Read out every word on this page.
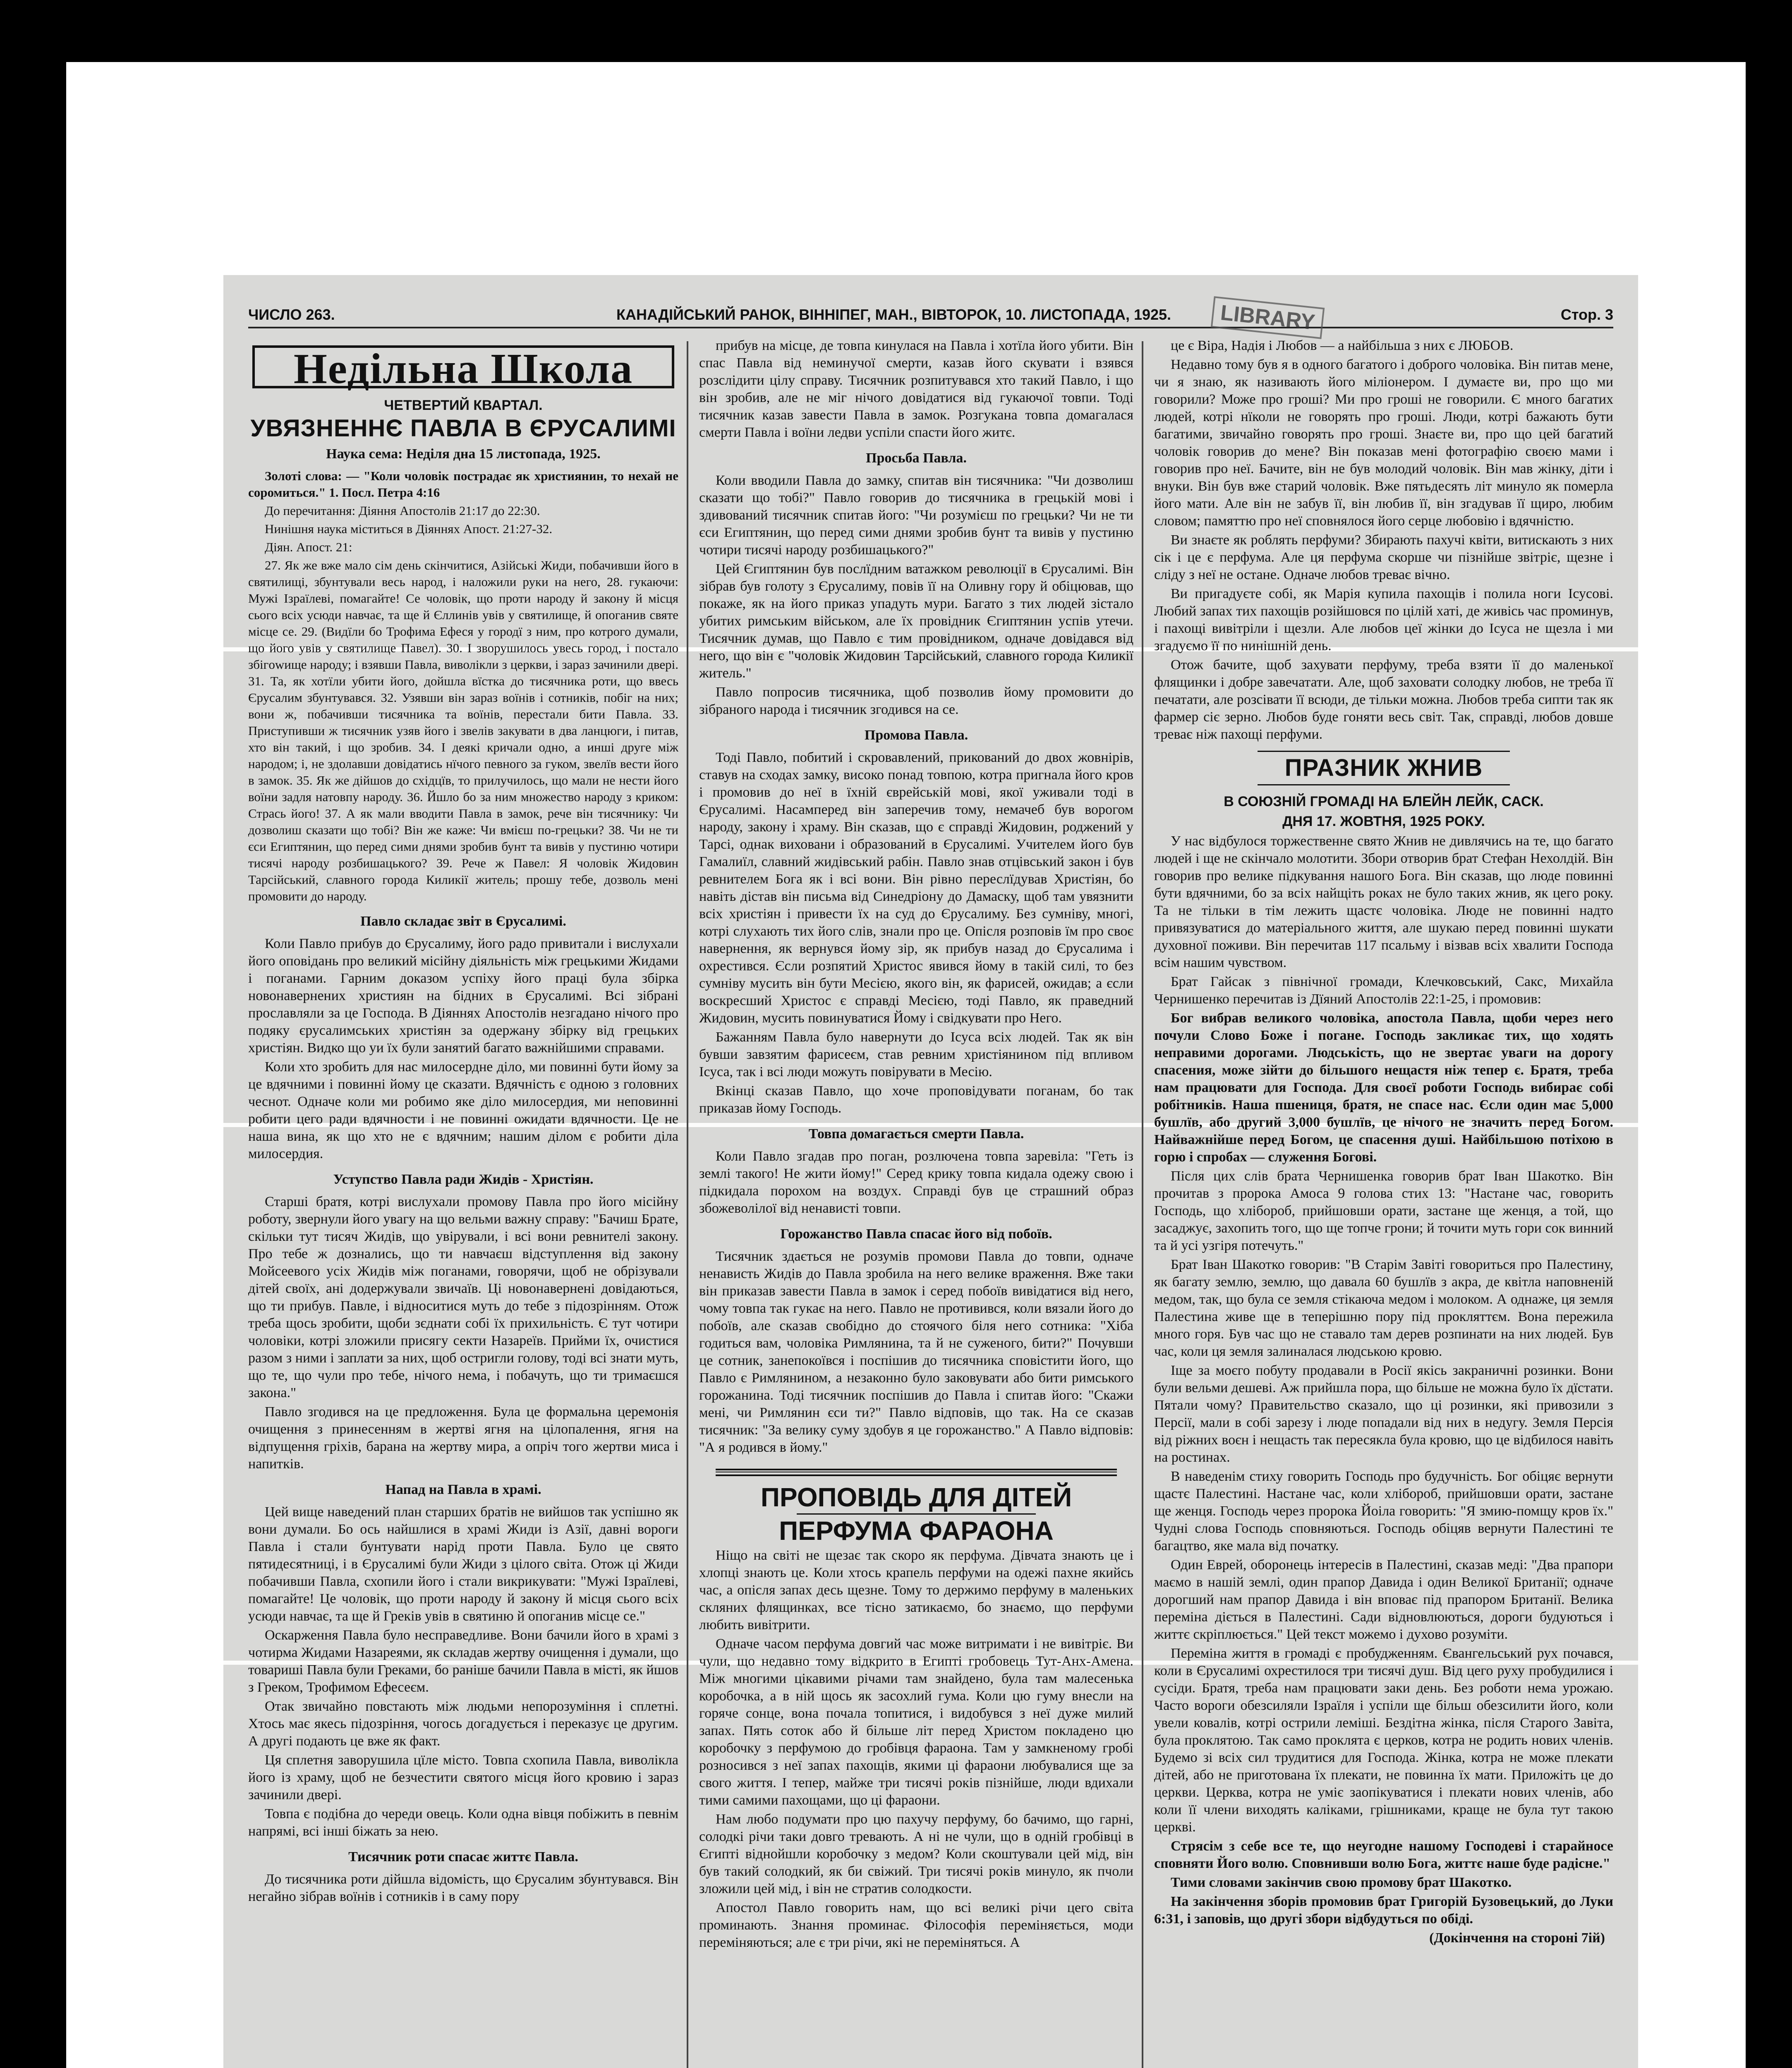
ЧИСЛО 263.	КАНАДІЙСЬКИЙ РАНОК, ВІННІПЕГ, МАН., ВІВТОРОК, 10. ЛИСТОПАДА, 1925.	Стор. 3
LIBRARY
Недільна Школа
ЧЕТВЕРТИЙ КВАРТАЛ.
УВЯЗНЕННЄ ПАВЛА В ЄРУСАЛИМІ
Наука сема: Неділя дна 15 листопада, 1925.

Золоті слова: — "Коли чоловік пострадає як християнин, то нехай не соромиться." 1. Посл. Петра 4:16

До перечитання: Діяння Апостолів 21:17 до 22:30.

Нинішня наука міститься в Діяннях Апост. 21:27-32.

Діян. Апост. 21:

27. Як же вже мало сім день скінчитися, Азійські Жиди, побачивши його в святилищі, збунтували весь народ, і наложили руки на него, 28. гукаючи: Мужі Ізраїлеві, помагайте! Се чоловік, що проти народу й закону й місця сього всіх усюди навчає, та ще й Єллинів увів у святилище, й опоганив святе місце се. 29. (Видїли бо Трофима Ефеся у городї з ним, про котрого думали, що його увів у святилище Павел). 30. І зворушилось увесь город, і постало збігowище народу; і взявши Павла, виволікли з церкви, і зараз зачинили двері. 31. Та, як хотїли убити його, дойшла вїстка до тисячника роти, що ввесь Єрусалим збунтувався. 32. Узявши він зараз воїнів і сотників, побіг на них; вони ж, побачивши тисячника та воїнів, перестали бити Павла. 33. Приступивши ж тисячник узяв його і звелів закувати в два ланцюги, і питав, хто він такий, і що зробив. 34. І деякі кричали одно, а инші друге між народом; і, не здолавши довідатись нїчого певного за гуком, звелїв вести його в замок. 35. Як же дійшов до східцїв, то прилучилось, що мали не нести його воїни задля натовпу народу. 36. Йшло бо за ним множество народу з криком: Стрась його! 37. А як мали вводити Павла в замок, рече він тисячнику: Чи дозволиш сказати що тобі? Він же каже: Чи вмієш по-грецьки? 38. Чи не ти єси Египтянин, що перед сими днями зробив бунт та вивів у пустиню чотири тисячі народу розбишацького? 39. Рече ж Павел: Я чоловік Жидовин Тарсійський, славного города Киликії житель; прошу тебе, дозволь мені промовити до народу.

Павло складає звіт в Єрусалимі.

Коли Павло прибув до Єрусалиму, його радо привитали і вислухали його оповідань про великий місійну діяльність між грецькими Жидами і поганами. Гарним доказом успіху його праці була збірка новонавернених християн на бідних в Єрусалимі. Всі зібрані прославляли за це Господа. В Діяннях Апостолів незгадано нічого про подяку єрусалимських христіян за одержану збірку від грецьких христіян. Видко що уи їх були занятий багато важнійшими справами.

Коли хто зробить для нас милосердне діло, ми повинні бути йому за це вдячними і повинні йому це сказати. Вдячність є одною з головних чеснот. Одначе коли ми робимо яке діло милосердия, ми неповинні робити цего ради вдячности і не повинні ожидати вдячности. Це не наша вина, як що хто не є вдячним; нашим ділом є робити діла милосердия.

Уступство Павла ради Жидів - Христіян.

Старші братя, котрі вислухали промову Павла про його місійну роботу, звернули його увагу на що вельми важну справу: "Бачиш Брате, скільки тут тисяч Жидів, що увірували, і всі вони ревнителі закону. Про тебе ж дознались, що ти навчаєш відступлення від закону Мойсеевого усіх Жидів між поганами, говорячи, щоб не обрізували дітей своїх, ані додержували звичаїв. Ці новонавернені довідаються, що ти прибув. Павле, і відноситися муть до тебе з підозрінням. Отож треба щось зробити, щоби зєднати собі їх прихильність. Є тут чотири чоловіки, котрі зложили присягу секти Назареїв. Прийми їх, очистися разом з ними і заплати за них, щоб остригли голову, тоді всі знати муть, що те, що чули про тебе, нічого нема, і побачуть, що ти тримаєшся закона."

Павло згодився на це предложення. Була це формальна церемонія очищення з принесенням в жертві ягня на цілопалення, ягня на відпущення гріхів, барана на жертву мира, а опріч того жертви миса і напитків.

Напад на Павла в храмі.

Цей вище наведений план старших братів не вийшов так успішно як вони думали. Бо ось найшлися в храмі Жиди із Азії, давні вороги Павла і стали бунтувати нарід проти Павла. Було це свято пятидесятниці, і в Єрусалимі були Жиди з цілого світа. Отож ці Жиди побачивши Павла, схопили його і стали викрикувати: "Мужі Ізраїлеві, помагайте! Це чоловік, що проти народу й закону й місця сього всіх усюди навчає, та ще й Греків увів в святиню й опоганив місце се."

Оскарження Павла було несправедливе. Вони бачили його в храмі з чотирма Жидами Назареями, як складав жертву очищення і думали, що товариші Павла були Греками, бо раніше бачили Павла в місті, як йшов з Греком, Трофимом Ефесеєм.

Отак звичайно повстають між людьми непорозуміння і сплетні. Хтось має якесь підозріння, чогось догадується і переказує це другим. А другі подають це вже як факт.

Ця сплетня заворушила цїле місто. Товпа схопила Павла, виволікла його із храму, щоб не безчестити святого місця його кровию і зараз зачинили двері.

Товпа є подібна до череди овець. Коли одна вівця побіжить в певнім напрямі, всі інші біжать за нею.

Тисячник роти спасає життє Павла.

До тисячника роти дійшла відомість, що Єрусалим збунтувався. Він негайно зібрав воїнів і сотників і в саму пору

прибув на місце, де товпа кинулася на Павла і хотїла його убити. Він спас Павла від неминучої смерти, казав його скувати і взявся розслідити цілу справу. Тисячник розпитувався хто такий Павло, і що він зробив, але не міг нічого довідатися від гукаючої товпи. Тоді тисячник казав завести Павла в замок. Розгукана товпа домагалася смерти Павла і воїни ледви успіли спасти його житє.

Просьба Павла.

Коли вводили Павла до замку, спитав він тисячника: "Чи дозволиш сказати що тобі?" Павло говорив до тисячника в грецькій мові і здивований тисячник спитав його: "Чи розумієш по грецьки? Чи не ти єси Египтянин, що перед сими днями зробив бунт та вивів у пустиню чотири тисячі народу розбишацького?"

Цей Єгиптянин був послїдним ватажком революції в Єрусалимі. Він зібрав був голоту з Єрусалиму, повів її на Оливну гору й обіцював, що покаже, як на його приказ упадуть мури. Багато з тих людей зістало убитих римським військом, але їх провідник Єгиптянин успів утечи. Тисячник думав, що Павло є тим провідником, одначе довідався від него, що він є "чоловік Жидовин Тарсійський, славного города Киликії житель."

Павло попросив тисячника, щоб позволив йому промовити до зібраного народа і тисячник згодився на се.

Промова Павла.

Тоді Павло, побитий і скровавлений, прикований до двох жовнірів, ставув на сходах замку, високо понад товпою, котра пригнала його кров і промовив до неї в їхній єврейській мові, якої уживали тоді в Єрусалимі. Насамперед він заперечив тому, немачеб був ворогом народу, закону і храму. Він сказав, що є справді Жидовин, роджений у Тарсі, однак виховани і образований в Єрусалимі. Учителем його був Гамалиїл, славний жидівський рабін. Павло знав отцівський закон і був ревнителем Бога як і всі вони. Він рівно переслїдував Христіян, бо навіть дістав він письма від Синедріону до Дамаску, щоб там увязнити всіх христіян і привести їх на суд до Єрусалиму. Без сумніву, многі, котрі слухають тих його слів, знали про це. Опісля розповів їм про своє навернення, як вернувся йому зір, як прибув назад до Єрусалима і охрестився. Єсли розпятий Христос явився йому в такій силі, то без сумніву мусить він бути Месією, якого він, як фарисей, ожидав; а єсли воскресший Христос є справді Месією, тоді Павло, як праведний Жидовин, мусить повинуватися Йому і свідкувати про Него.

Бажанням Павла було навернути до Ісуса всіх людей. Так як він бувши завзятим фарисеєм, став ревним христіянином під впливом Ісуса, так і всі люди можуть повірувати в Месію.

Вкінці сказав Павло, що хоче проповідувати поганам, бо так приказав йому Господь.

Товпа домагається смерти Павла.

Коли Павло згадав про поган, розлючена товпа заревіла: "Геть із землі такого! Не жити йому!" Серед крику товпа кидала одежу свою і підкидала порохом на воздух. Справді був це страшний образ збожеволілої від ненависті товпи.

Горожанство Павла спасає його від побоїв.

Тисячник здається не розумів промови Павла до товпи, одначе ненависть Жидів до Павла зробила на него велике враження. Вже таки він приказав завести Павла в замок і серед побоїв вивідатися від него, чому товпа так гукає на него. Павло не противився, коли вязали його до побоїв, але сказав свобідно до стоячого біля него сотника: "Хіба годиться вам, чоловіка Римлянина, та й не суженого, бити?" Почувши це сотник, занепокоївся і поспішив до тисячника сповістити його, що Павло є Римлянином, а незаконно було заковувати або бити римського горожанина. Тоді тисячник поспішив до Павла і спитав його: "Скажи мені, чи Римлянин єси ти?" Павло відповів, що так. На се сказав тисячник: "За велику суму здобув я це горожанство." А Павло відповів: "А я родився в йому."

ПРОПОВІДЬ ДЛЯ ДІТЕЙ
ПЕРФУМА ФАРАОНА

Ніщо на світі не щезає так скоро як перфума. Дівчата знають це і хлопці знають це. Коли хтось крапель перфуми на одежі пахне якийсь час, а опісля запах десь щезне. Тому то держимо перфуму в маленьких скляних флящинках, все тісно затикаємо, бо знаємо, що перфуми любить вивітрити.

Одначе часом перфума довгий час може витримати і не вивітріє. Ви чули, що недавно тому відкрито в Египті гробовець Тут-Анх-Амена. Між многими цікавими річами там знайдено, була там малесенька коробочка, а в ній щось як засохлий гума. Коли цю гуму внесли на горяче сонце, вона почала топитися, і видобувся з неї дуже милий запах. Пять соток або й більше літ перед Христом покладено цю коробочку з перфумою до гробівця фараона. Там у замкненому гробі розносився з неї запах пахощів, якими ці фараони любувалися ще за свого життя. І тепер, майже три тисячі років пізнійше, люди вдихали тими самими пахощами, що ці фараони.

Нам любо подумати про цю пахучу перфуму, бо бачимо, що гарні, солодкі річи таки довго тревають. А ні не чули, що в одній гробівці в Єгипті віднойшли коробочку з медом? Коли скоштували цей мід, він був такий солодкий, як би свіжий. Три тисячі років минуло, як пчоли зложили цей мід, і він не стратив солодкости.

Апостол Павло говорить нам, що всі великі річи цего світа проминають. Знання проминає. Філософія переміняється, моди переміняються; але є три річи, які не переміняться. А

це є Віра, Надія і Любов — а найбільша з них є ЛЮБОВ.

Недавно тому був я в одного багатого і доброго чоловіка. Він питав мене, чи я знаю, як називають його міліонером. І думаєте ви, про що ми говорили? Може про гроші? Ми про гроші не говорили. Є много багатих людей, котрі нїколи не говорять про гроші. Люди, котрі бажають бути багатими, звичайно говорять про гроші. Знаєте ви, про що цей багатий чоловік говорив до мене? Він показав мені фотографію своєю мами і говорив про неї. Бачите, він не був молодий чоловік. Він мав жінку, діти і внуки. Він був вже старий чоловік. Вже пятьдесять літ минуло як померла його мати. Але він не забув її, він любив її, він згадував її щиро, любим словом; памяттю про неї сповнялося його серце любовію і вдячністю.

Ви знаєте як роблять перфуми? Збирають пахучі квіти, витискають з них сік і це є перфума. Але ця перфума скорше чи пізнійше звітріє, щезне і сліду з неї не остане. Одначе любов треває вічно.

Ви пригадуєте собі, як Марія купила пахощів і полила ноги Ісусові. Любий запах тих пахощів розійшовся по цілій хаті, де живісь час проминув, і пахощі вивітріли і щезли. Але любов цеї жінки до Ісуса не щезла і ми згадуємо її по нинішній день.

Отож бачите, щоб захувати перфуму, треба взяти її до маленької флящинки і добре завечатати. Але, щоб заховати солодку любов, не треба її печатати, але розсівати її всюди, де тільки можна. Любов треба сипти так як фармер сіє зерно. Любов буде гоняти весь світ. Так, справді, любов довше треває ніж пахощі перфуми.

ПРАЗНИК ЖНИВ
В СОЮЗНІЙ ГРОМАДІ НА БЛЕЙН ЛЕЙК, САСК.
ДНЯ 17. ЖОВТНЯ, 1925 РОКУ.

У нас відбулося торжественне свято Жнив не дивлячись на те, що багато людей і ще не скінчало молотити. Збори отворив брат Стефан Нехолдій. Він говорив про велике підкування нашого Бога. Він сказав, що люде повинні бути вдячними, бо за всіх найщіть роках не було таких жнив, як цего року. Та не тільки в тім лежить щастє чоловіка. Люде не повинні надто привязуватися до матеріального життя, але шукаю перед повинні шукати духовної поживи. Він перечитав 117 псальму і візвав всіх хвалити Господа всім нашим чувством.

Брат Гайсак з північної громади, Клечковський, Сакс, Михайла Чернишенко перечитав із Дїяний Апостолів 22:1-25, і промовив:

Бог вибрав великого чоловіка, апостола Павла, щоби через него почули Слово Боже і погане. Господь закликає тих, що ходять неправими дорогами. Людськість, що не звертає уваги на дорогу спасения, може зійти до більшого нещастя ніж тепер є. Братя, треба нам працювати для Господа. Для своєї роботи Господь вибирає собі робітників. Наша пшениця, братя, не спасе нас. Єсли один має 5,000 бушлїв, або другий 3,000 бушлїв, це нічого не значить перед Богом. Найважнійше перед Богом, це спасення душі. Найбільшою потіхою в горю і спробах — служення Богові.

Після цих слів брата Чернишенка говорив брат Іван Шакотко. Він прочитав з пророка Амоса 9 голова стих 13: "Настане час, говорить Господь, що хлібороб, прийшовши орати, застане ще женця, а той, що засаджує, захопить того, що ще топче грони; й точити муть гори сок винний та й усі узгіря потечуть."

Брат Іван Шакотко говорив: "В Старім Завіті говориться про Палестину, як багату землю, землю, що давала 60 бушлїв з акра, де квітла наповненій медом, так, що була се земля стікаюча медом і молоком. А однаже, ця земля Палестина живе ще в теперішню пору під прокляттєм. Вона пережила много горя. Був час що не ставало там дерев розпинати на них людей. Був час, коли ця земля залиналася людською кровю.

Іще за моєго побуту продавали в Росії якісь закраничні розинки. Вони були вельми дешеві. Аж прийшла пора, що більше не можна було їх дїстати. Пятали чому? Правительство сказало, що ці розинки, які привозили з Персії, мали в собі зарезу і люде попадали від них в недугу. Земля Персія від ріжних воєн і нещасть так пересякла була кровю, що це відбилося навіть на ростинах.

В наведенім стиху говорить Господь про будучність. Бог обіцяє вернути щастє Палестині. Настане час, коли хлібороб, прийшовши орати, застане ще женця. Господь через пророка Йоіла говорить: "Я змию-помщу кров їх." Чудні слова Господь сповняються. Господь обіцяв вернути Палестині те багацтво, яке мала від початку.

Один Еврей, оборонець інтересів в Палестині, сказав меді: "Два прапори маємо в нашій землі, один прапор Давида і один Великої Британії; одначе дорогший нам прапор Давида і він вповає під прапором Британії. Велика переміна діється в Палестині. Сади відновлюються, дороги будуються і життє скріплюється." Цей текст можемо і духово розуміти.

Переміна життя в громаді є пробудженням. Євангельський рух почався, коли в Єрусалимі охрестилося три тисячі душ. Від цего руху пробудилися і сусіди. Братя, треба нам працювати заки день. Без роботи нема урожаю. Часто вороги обезсиляли Ізраїля і успіли ще більш обезсилити його, коли увели ковалів, котрі острили леміші. Бездітна жінка, після Старого Завіта, була проклятою. Так само проклята є церков, котра не родить нових членів. Будемо зі всіх сил трудитися для Господа. Жінка, котра не може плекати дітей, або не приготована їх плекати, не повинна їх мати. Приложіть це до церкви. Церква, котра не уміє заопікуватися і плекати нових членів, або коли її члени виходять каліками, грішниками, краще не була тут такою церкві.

Стрясім з себе все те, що неугодне нашому Господеві і старайносе сповняти Його волю. Сповнивши волю Бога, життє наше буде радісне."

Тими словами закінчив свою промову брат Шакотко.

На закінчення зборів промовив брат Григорій Бузовецький, до Луки 6:31, і заповів, що другі збори відбудуться по обіді.

(Докінчення на стороні 7ій)
